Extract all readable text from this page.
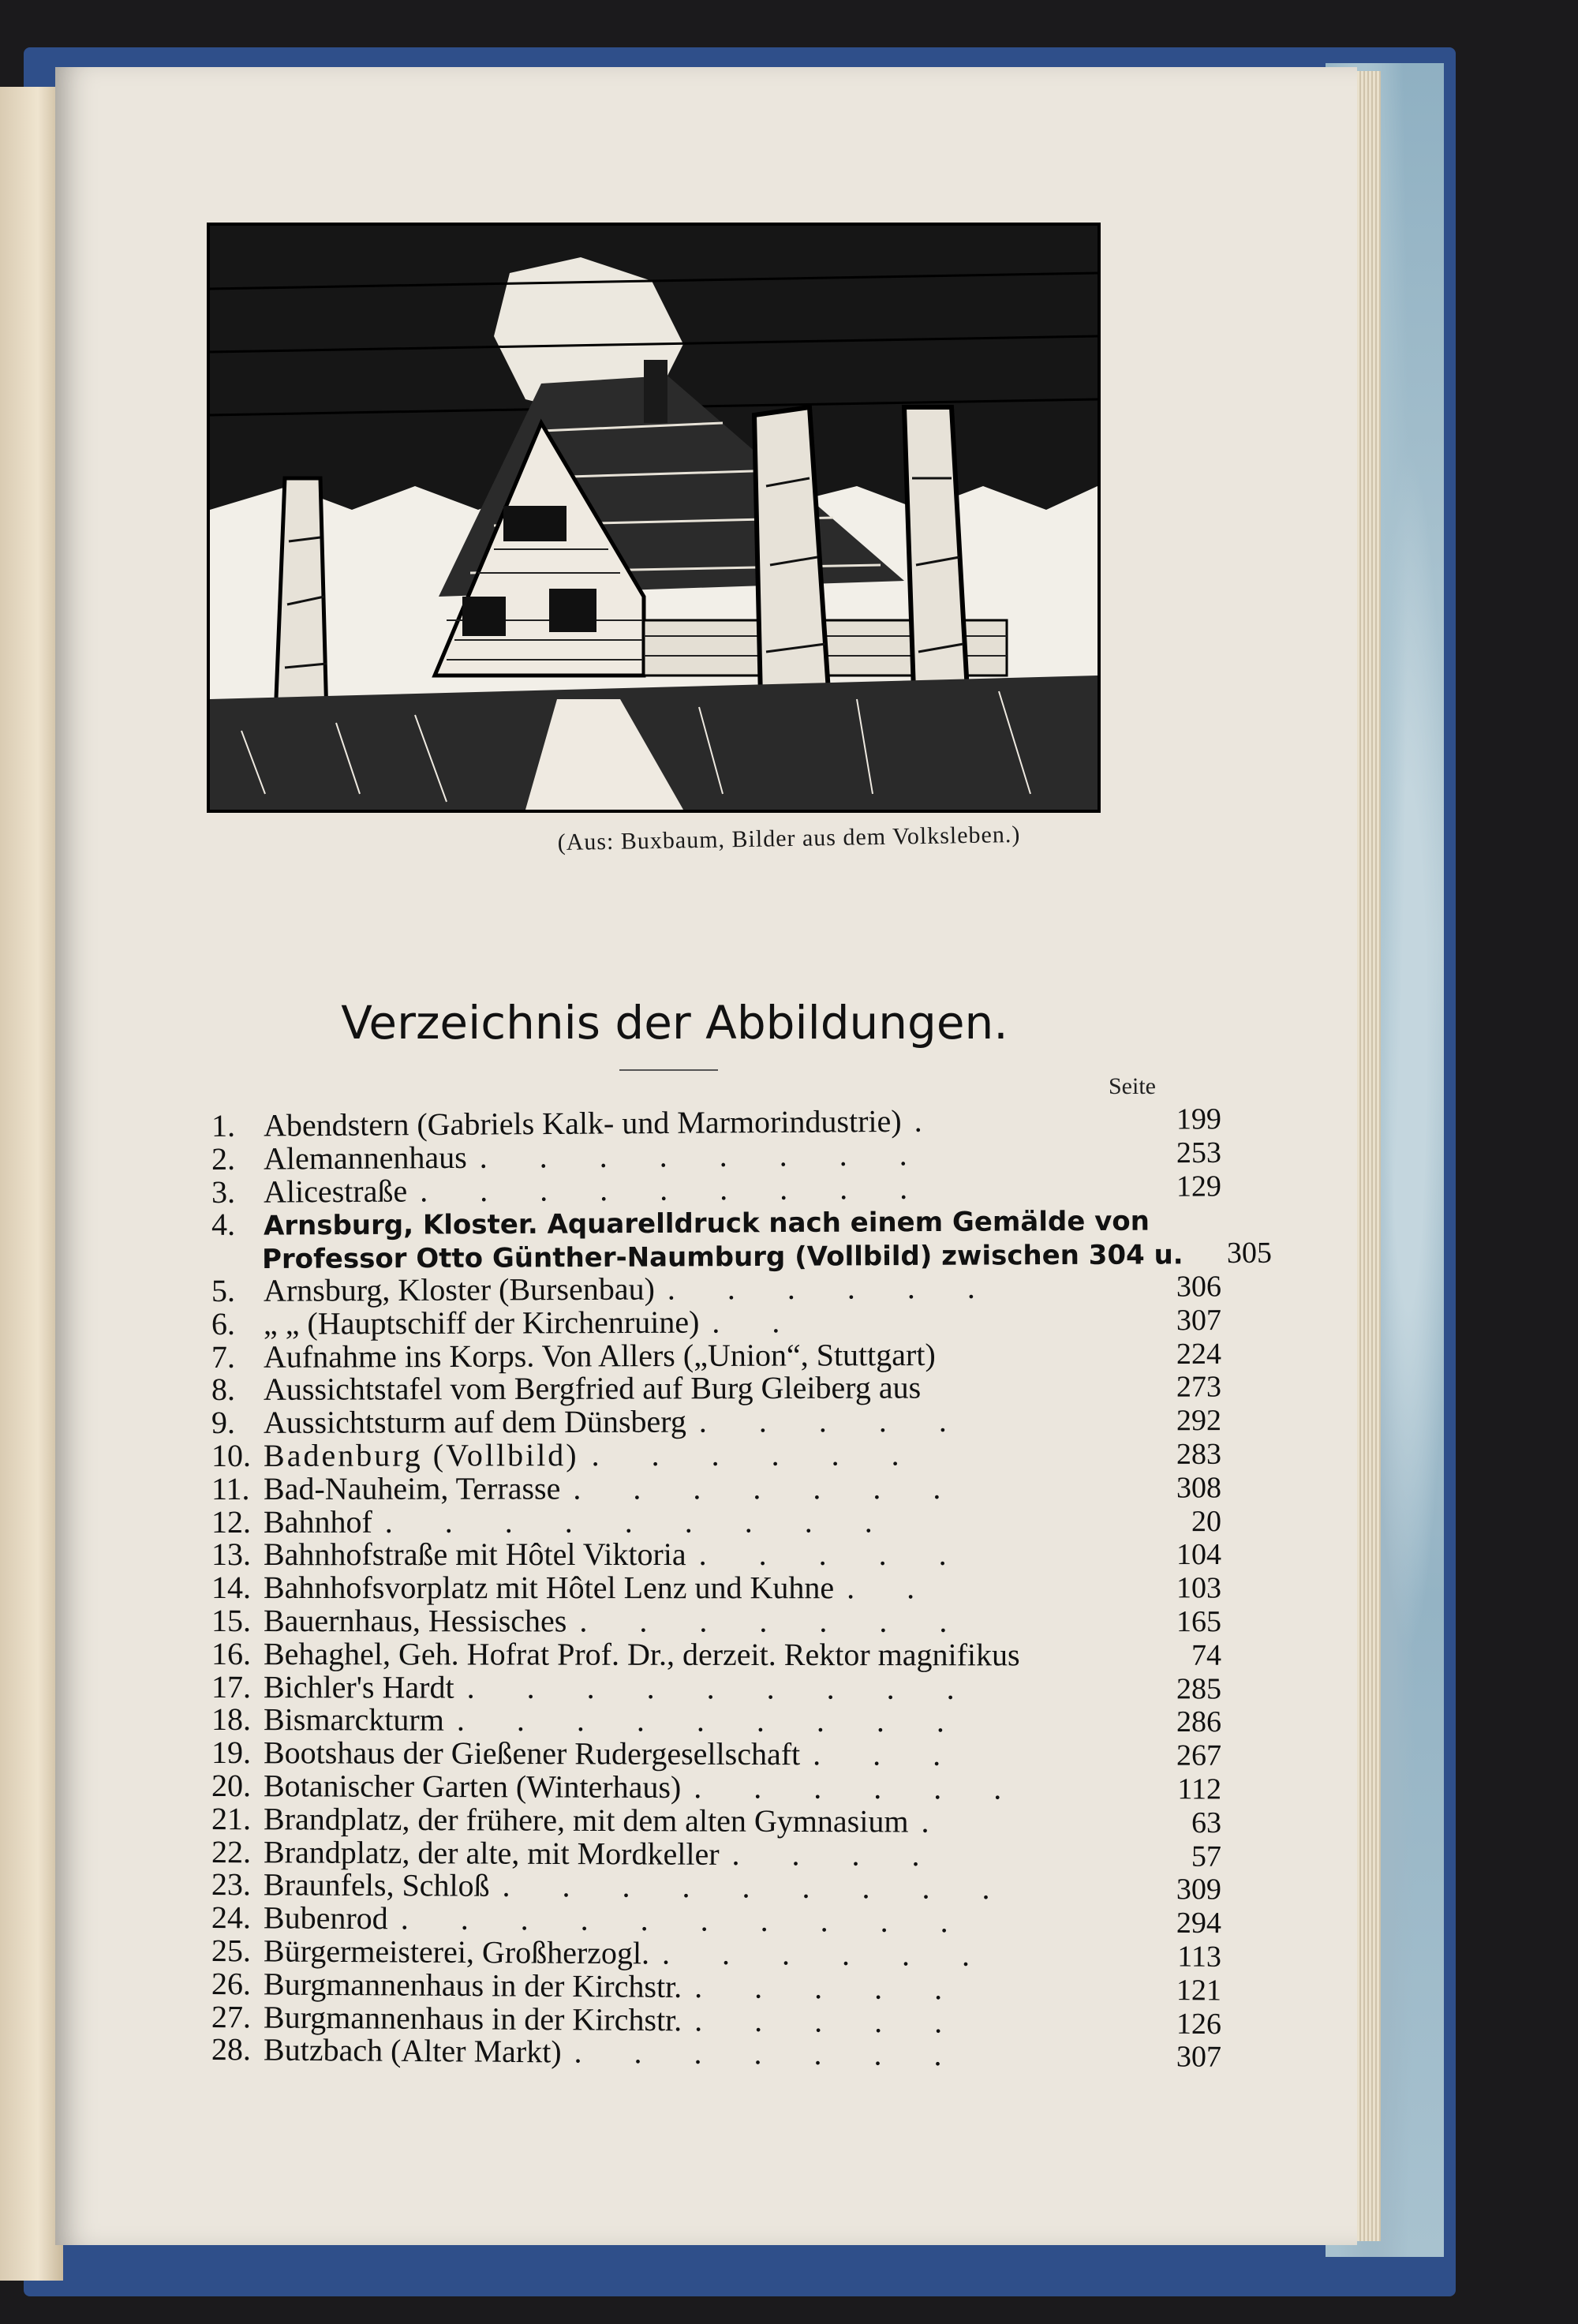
(Aus: Buxbaum, Bilder aus dem Volksleben.)
Verzeichnis der Abbildungen.
Seite
1. Abendstern (Gabriels Kalk- und Marmorindustrie) .	199
2. Alemannenhaus . . . . . . . .	253
3. Alicestraße . . . . . . . . .	129
4. Arnsburg, Kloster. Aquarelldruck nach einem Gemälde von
Professor Otto Günther-Naumburg (Vollbild) zwischen 304 u.	305
5. Arnsburg, Kloster (Bursenbau) . . . . . .	306
6. „ „ (Hauptschiff der Kirchenruine) . .	307
7. Aufnahme ins Korps. Von Allers („Union“, Stuttgart)	224
8. Aussichtstafel vom Bergfried auf Burg Gleiberg aus	273
9. Aussichtsturm auf dem Dünsberg . . . . .	292
10. Badenburg (Vollbild) . . . . . .	283
11. Bad-Nauheim, Terrasse . . . . . . .	308
12. Bahnhof . . . . . . . . .	20
13. Bahnhofstraße mit Hôtel Viktoria . . . . .	104
14. Bahnhofsvorplatz mit Hôtel Lenz und Kuhne . .	103
15. Bauernhaus, Hessisches . . . . . . .	165
16. Behaghel, Geh. Hofrat Prof. Dr., derzeit. Rektor magnifikus	74
17. Bichler's Hardt . . . . . . . . .	285
18. Bismarckturm . . . . . . . . .	286
19. Bootshaus der Gießener Rudergesellschaft . . .	267
20. Botanischer Garten (Winterhaus) . . . . . .	112
21. Brandplatz, der frühere, mit dem alten Gymnasium .	63
22. Brandplatz, der alte, mit Mordkeller . . . .	57
23. Braunfels, Schloß . . . . . . . . .	309
24. Bubenrod . . . . . . . . . .	294
25. Bürgermeisterei, Großherzogl. . . . . . .	113
26. Burgmannenhaus in der Kirchstr. . . . . .	121
27. Burgmannenhaus in der Kirchstr. . . . . .	126
28. Butzbach (Alter Markt) . . . . . . .	307
